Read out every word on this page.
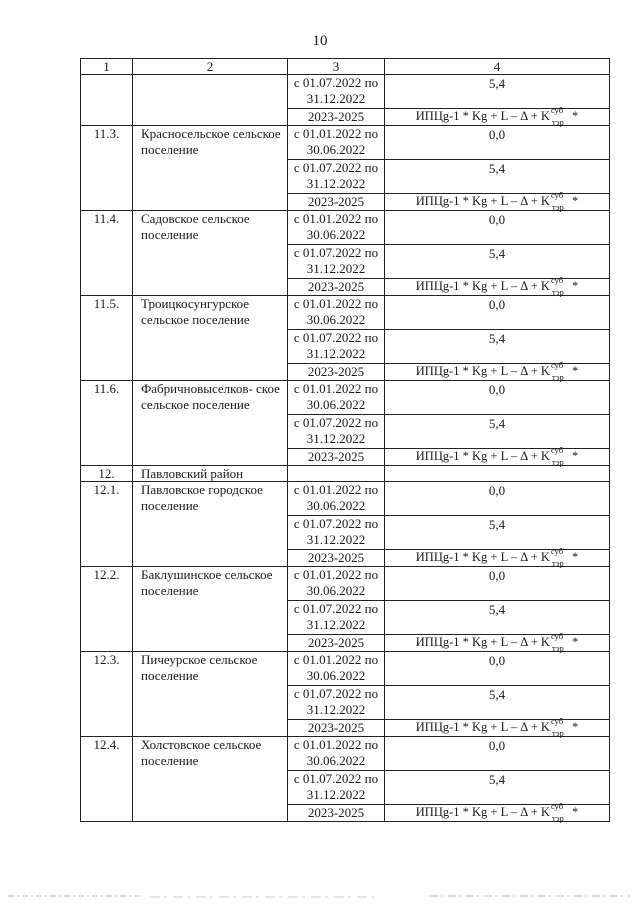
10
1	2	3	4
		с 01.07.2022 по 31.12.2022	5,4
		2023-2025	ИПЦg-1 * Kg + L – Δ + K суб
тэр *
11.3.	Красносельское сельское поселение	с 01.01.2022 по 30.06.2022	0,0
		с 01.07.2022 по 31.12.2022	5,4
		2023-2025	ИПЦg-1 * Kg + L – Δ + K суб
тэр *
11.4.	Садовское сельское поселение	с 01.01.2022 по 30.06.2022	0,0
		с 01.07.2022 по 31.12.2022	5,4
		2023-2025	ИПЦg-1 * Kg + L – Δ + K суб
тэр *
11.5.	Троицкосунгурское сельское поселение	с 01.01.2022 по 30.06.2022	0,0
		с 01.07.2022 по 31.12.2022	5,4
		2023-2025	ИПЦg-1 * Kg + L – Δ + K суб
тэр *
11.6.	Фабричновыселков- ское сельское поселение	с 01.01.2022 по 30.06.2022	0,0
		с 01.07.2022 по 31.12.2022	5,4
		2023-2025	ИПЦg-1 * Kg + L – Δ + K суб
тэр *
12.	Павловский район		
12.1.	Павловское городское поселение	с 01.01.2022 по 30.06.2022	0,0
		с 01.07.2022 по 31.12.2022	5,4
		2023-2025	ИПЦg-1 * Kg + L – Δ + K суб
тэр *
12.2.	Баклушинское сельское поселение	с 01.01.2022 по 30.06.2022	0,0
		с 01.07.2022 по 31.12.2022	5,4
		2023-2025	ИПЦg-1 * Kg + L – Δ + K суб
тэр *
12.3.	Пичеурское сельское поселение	с 01.01.2022 по 30.06.2022	0,0
		с 01.07.2022 по 31.12.2022	5,4
		2023-2025	ИПЦg-1 * Kg + L – Δ + K суб
тэр *
12.4.	Холстовское сельское поселение	с 01.01.2022 по 30.06.2022	0,0
		с 01.07.2022 по 31.12.2022	5,4
		2023-2025	ИПЦg-1 * Kg + L – Δ + K суб
тэр *
